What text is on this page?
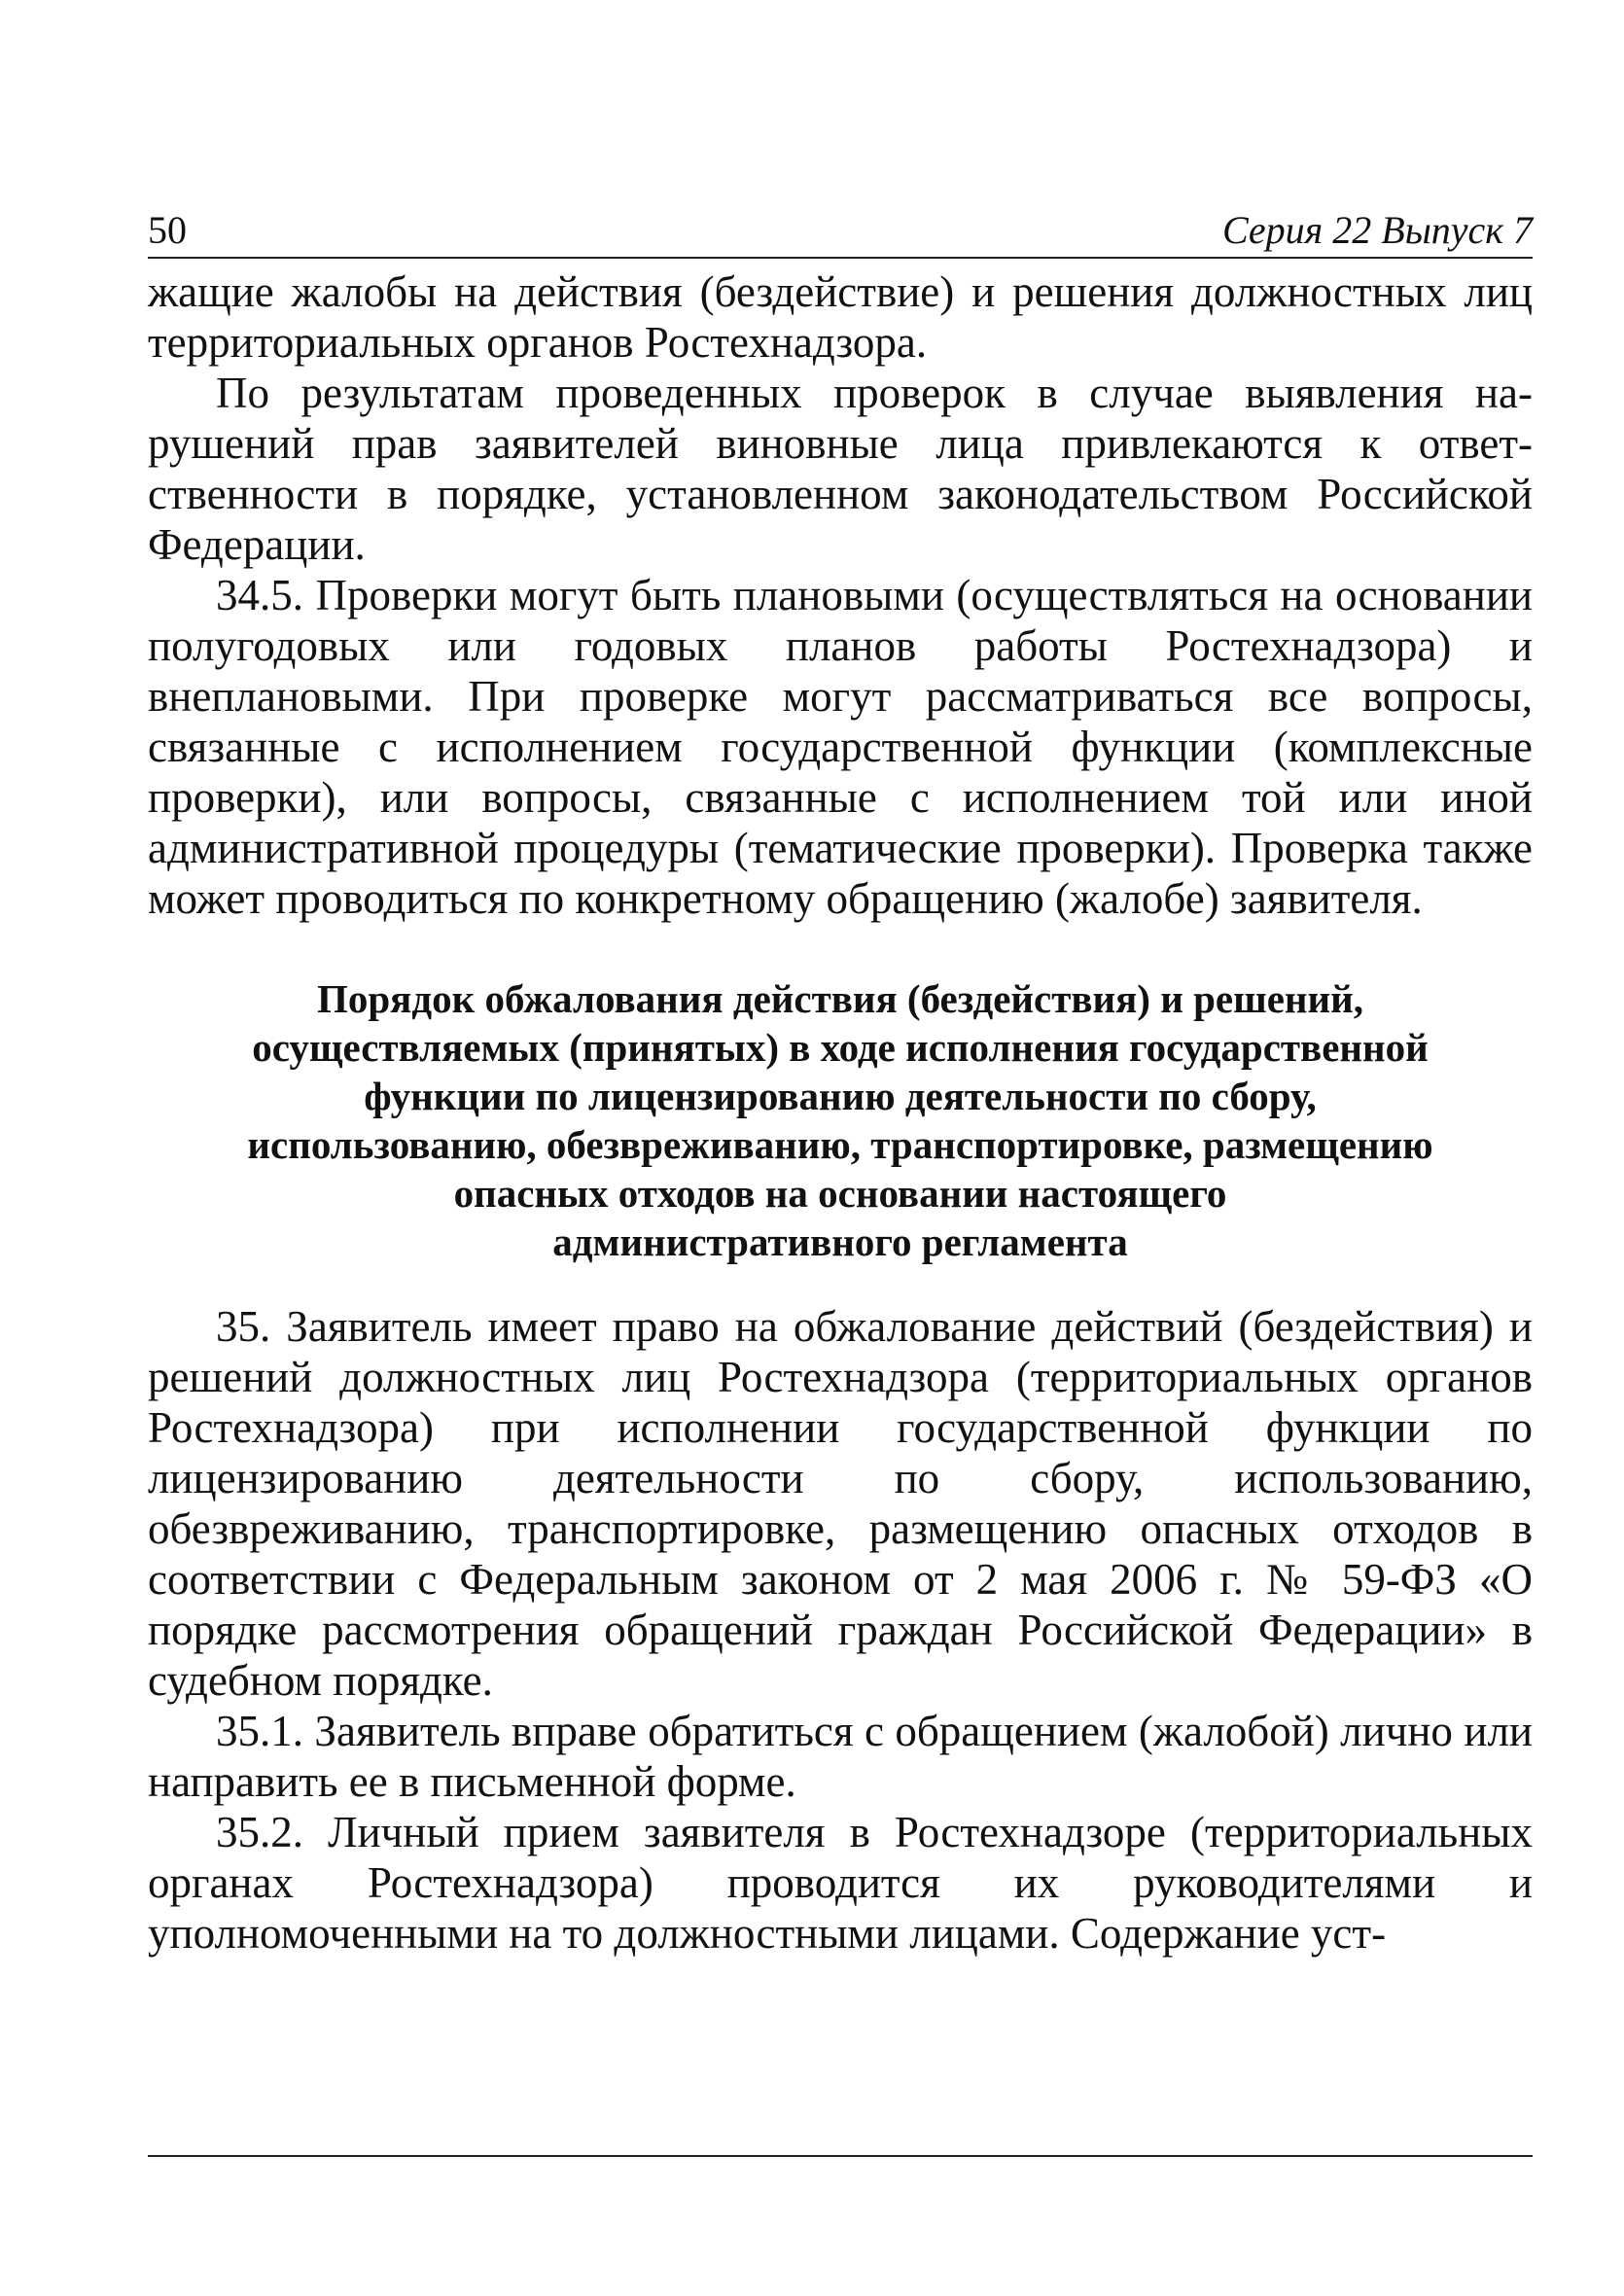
50	Серия 22 Выпуск 7

жащие жалобы на действия (бездействие) и решения должностных лиц территориальных органов Ростехнадзора.

По результатам проведенных проверок в случае выявления нарушений прав заявителей виновные лица привлекаются к ответственности в порядке, установленном законодательством Российской Федерации.

34.5. Проверки могут быть плановыми (осуществляться на основании полугодовых или годовых планов работы Ростехнадзора) и внеплановыми. При проверке могут рассматриваться все вопросы, связанные с исполнением государственной функции (комплексные проверки), или вопросы, связанные с исполнением той или иной административной процедуры (тематические проверки). Проверка также может проводиться по конкретному обращению (жалобе) заявителя.

Порядок обжалования действия (бездействия) и решений,
осуществляемых (принятых) в ходе исполнения государственной
функции по лицензированию деятельности по сбору,
использованию, обезвреживанию, транспортировке, размещению
опасных отходов на основании настоящего
административного регламента

35. Заявитель имеет право на обжалование действий (бездействия) и решений должностных лиц Ростехнадзора (территориальных органов Ростехнадзора) при исполнении государственной функции по лицензированию деятельности по сбору, использованию, обезвреживанию, транспортировке, размещению опасных отходов в соответствии с Федеральным законом от 2 мая 2006 г. № 59-ФЗ «О порядке рассмотрения обращений граждан Российской Федерации» в судебном порядке.

35.1. Заявитель вправе обратиться с обращением (жалобой) лично или направить ее в письменной форме.

35.2. Личный прием заявителя в Ростехнадзоре (территориальных органах Ростехнадзора) проводится их руководителями и уполномоченными на то должностными лицами. Содержание уст-
